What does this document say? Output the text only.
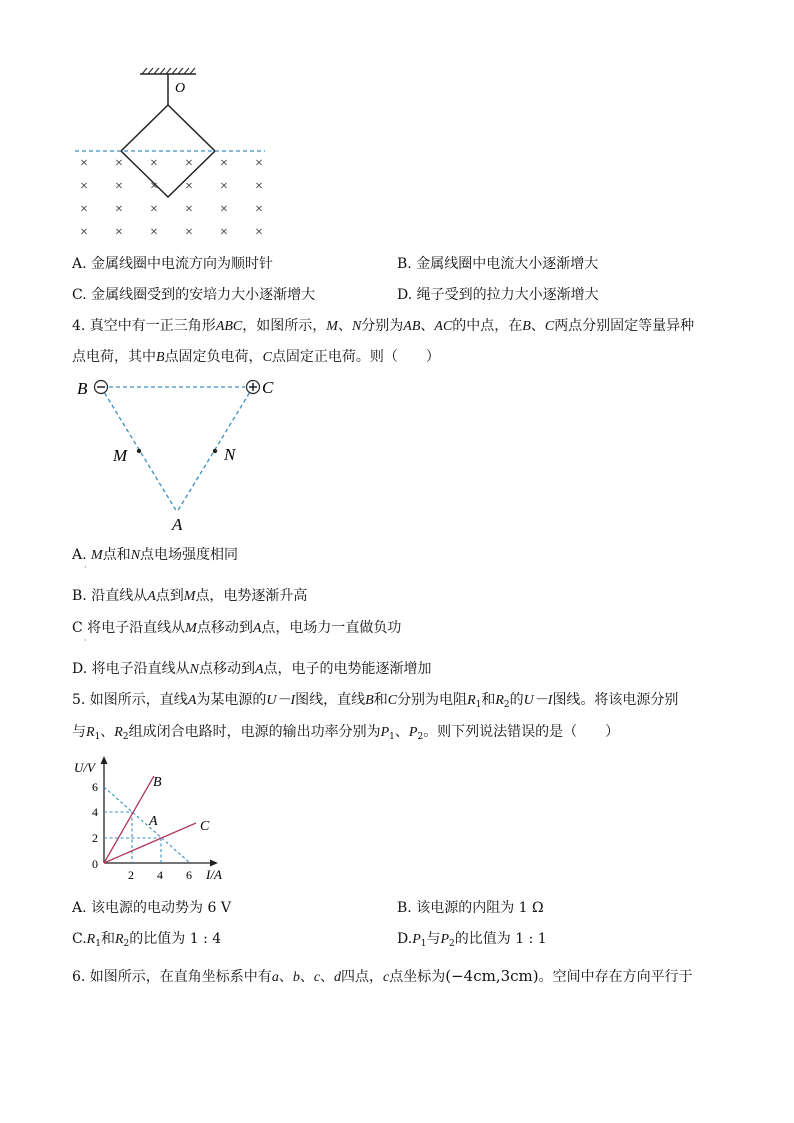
O
× × × × × ×
× × × × × ×
× × × × × ×
× × × × × ×
A. 金属线圈中电流方向为顺时针	B. 金属线圈中电流大小逐渐增大
C. 金属线圈受到的安培力大小逐渐增大	D. 绳子受到的拉力大小逐渐增大
4. 真空中有一正三角形ABC，如图所示，M、N分别为AB、AC的中点，在B、C两点分别固定等量异种
点电荷，其中B点固定负电荷，C点固定正电荷。则（　　）
B	C
M	N
A
A. M点和N点电场强度相同
·
B. 沿直线从A点到M点，电势逐渐升高
C 将电子沿直线从M点移动到A点，电场力一直做负功
·
D. 将电子沿直线从N点移动到A点，电子的电势能逐渐增加
5. 如图所示，直线A为某电源的U－I图线，直线B和C分别为电阻$R_1$和$R_2$的U－I图线。将该电源分别
与$R_1$、$R_2$组成闭合电路时，电源的输出功率分别为$P_1$、$P_2$。则下列说法错误的是（　　）
U/V
I/A
0
6
4
2
2 4 6
B
A	C
A. 该电源的电动势为 6 V	B. 该电源的内阻为 1 Ω
$C.R_1$和$R_2$的比值为 1 : 4	$D.P_1$与$P_2$的比值为 1 : 1
6. 如图所示，在直角坐标系中有a、b、c、d四点，c点坐标为(−4cm,3cm)。空间中存在方向平行于
